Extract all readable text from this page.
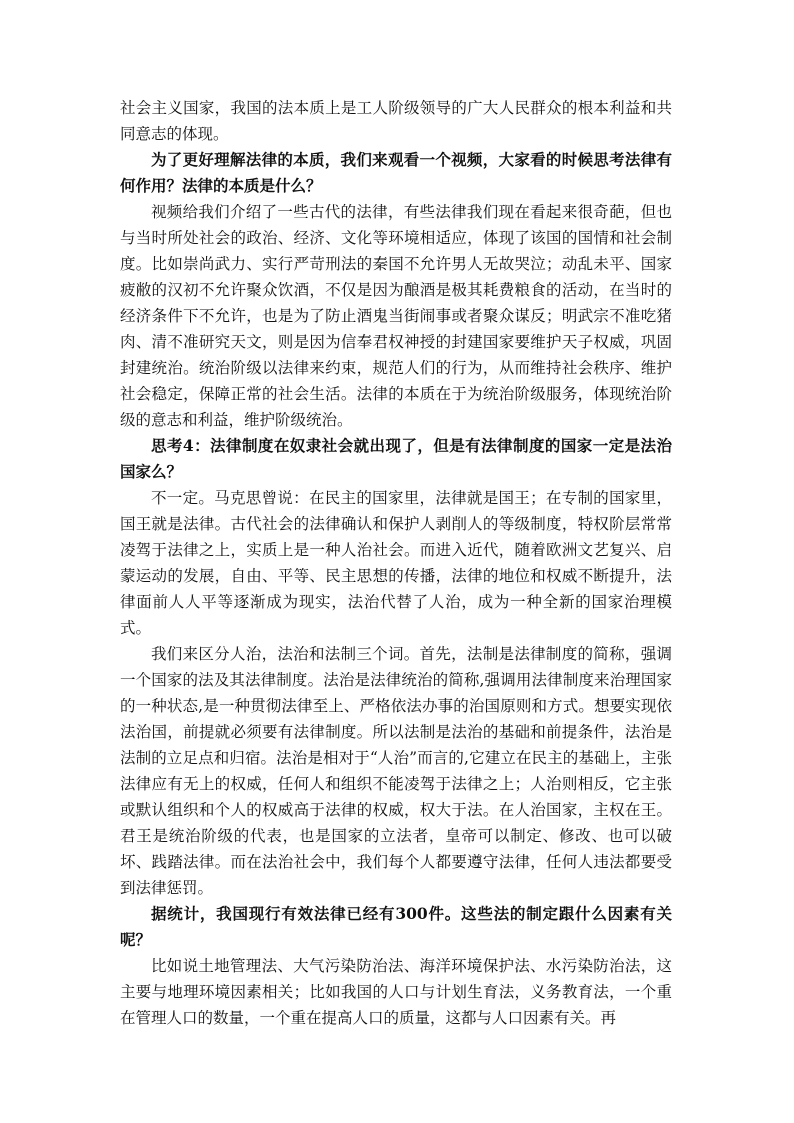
社会主义国家，我国的法本质上是工人阶级领导的广大人民群众的根本利益和共同意志的体现。

为了更好理解法律的本质，我们来观看一个视频，大家看的时候思考法律有何作用？法律的本质是什么？

视频给我们介绍了一些古代的法律，有些法律我们现在看起来很奇葩，但也与当时所处社会的政治、经济、文化等环境相适应，体现了该国的国情和社会制度。比如崇尚武力、实行严苛刑法的秦国不允许男人无故哭泣；动乱未平、国家疲敝的汉初不允许聚众饮酒，不仅是因为酿酒是极其耗费粮食的活动，在当时的经济条件下不允许，也是为了防止酒鬼当街闹事或者聚众谋反；明武宗不准吃猪肉、清不准研究天文，则是因为信奉君权神授的封建国家要维护天子权威，巩固封建统治。统治阶级以法律来约束，规范人们的行为，从而维持社会秩序、维护社会稳定，保障正常的社会生活。法律的本质在于为统治阶级服务，体现统治阶级的意志和利益，维护阶级统治。

思考4：法律制度在奴隶社会就出现了，但是有法律制度的国家一定是法治国家么？

不一定。马克思曾说：在民主的国家里，法律就是国王；在专制的国家里，国王就是法律。古代社会的法律确认和保护人剥削人的等级制度，特权阶层常常凌驾于法律之上，实质上是一种人治社会。而进入近代，随着欧洲文艺复兴、启蒙运动的发展，自由、平等、民主思想的传播，法律的地位和权威不断提升，法律面前人人平等逐渐成为现实，法治代替了人治，成为一种全新的国家治理模式。

我们来区分人治，法治和法制三个词。首先，法制是法律制度的简称，强调一个国家的法及其法律制度。法治是法律统治的简称,强调用法律制度来治理国家的一种状态,是一种贯彻法律至上、严格依法办事的治国原则和方式。想要实现依法治国，前提就必须要有法律制度。所以法制是法治的基础和前提条件，法治是法制的立足点和归宿。法治是相对于“人治”而言的,它建立在民主的基础上，主张法律应有无上的权威，任何人和组织不能凌驾于法律之上；人治则相反，它主张或默认组织和个人的权威高于法律的权威，权大于法。在人治国家，主权在王。君王是统治阶级的代表，也是国家的立法者，皇帝可以制定、修改、也可以破坏、践踏法律。而在法治社会中，我们每个人都要遵守法律，任何人违法都要受到法律惩罚。

据统计，我国现行有效法律已经有300件。这些法的制定跟什么因素有关呢？

比如说土地管理法、大气污染防治法、海洋环境保护法、水污染防治法，这主要与地理环境因素相关；比如我国的人口与计划生育法，义务教育法，一个重在管理人口的数量，一个重在提高人口的质量，这都与人口因素有关。再
